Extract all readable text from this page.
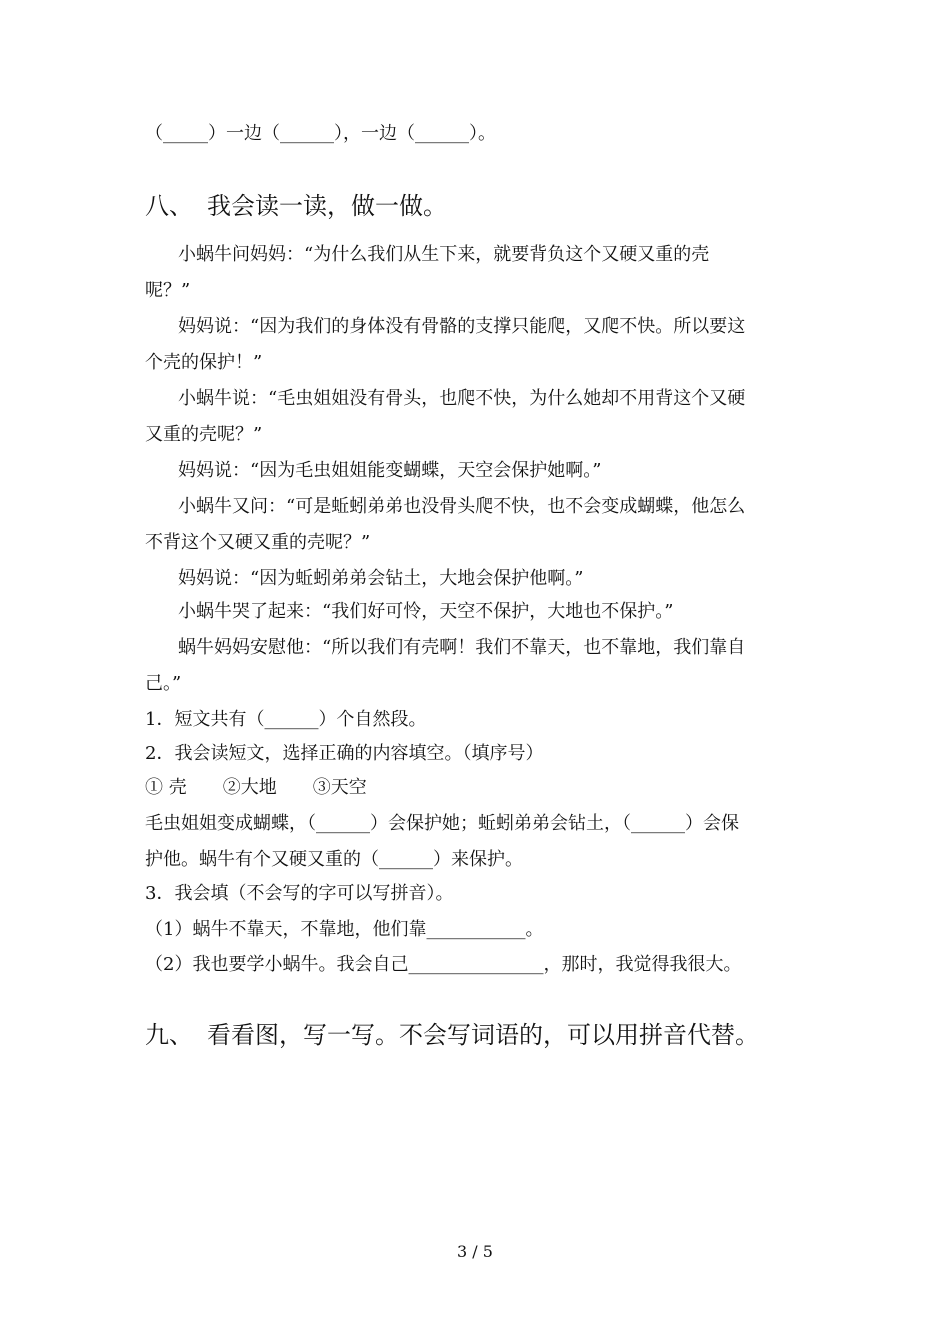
（_____）一边（______），一边（______）。
八、 我会读一读，做一做。
小蜗牛问妈妈：“为什么我们从生下来，就要背负这个又硬又重的壳
呢？”
妈妈说：“因为我们的身体没有骨骼的支撑只能爬，又爬不快。所以要这
个壳的保护！”
小蜗牛说：“毛虫姐姐没有骨头，也爬不快，为什么她却不用背这个又硬
又重的壳呢？”
妈妈说：“因为毛虫姐姐能变蝴蝶，天空会保护她啊。”
小蜗牛又问：“可是蚯蚓弟弟也没骨头爬不快，也不会变成蝴蝶，他怎么
不背这个又硬又重的壳呢？”
妈妈说：“因为蚯蚓弟弟会钻土，大地会保护他啊。”
小蜗牛哭了起来：“我们好可怜，天空不保护，大地也不保护。”
蜗牛妈妈安慰他：“所以我们有壳啊！我们不靠天，也不靠地，我们靠自
己。”
1．短文共有（______）个自然段。
2．我会读短文，选择正确的内容填空。（填序号）
① 壳　　②大地　　③天空
毛虫姐姐变成蝴蝶，（______）会保护她；蚯蚓弟弟会钻土，（______）会保
护他。蜗牛有个又硬又重的（______）来保护。
3．我会填（不会写的字可以写拼音）。
（1）蜗牛不靠天，不靠地，他们靠___________。
（2）我也要学小蜗牛。我会自己_______________，那时，我觉得我很大。
九、 看看图，写一写。不会写词语的，可以用拼音代替。
3 / 5
